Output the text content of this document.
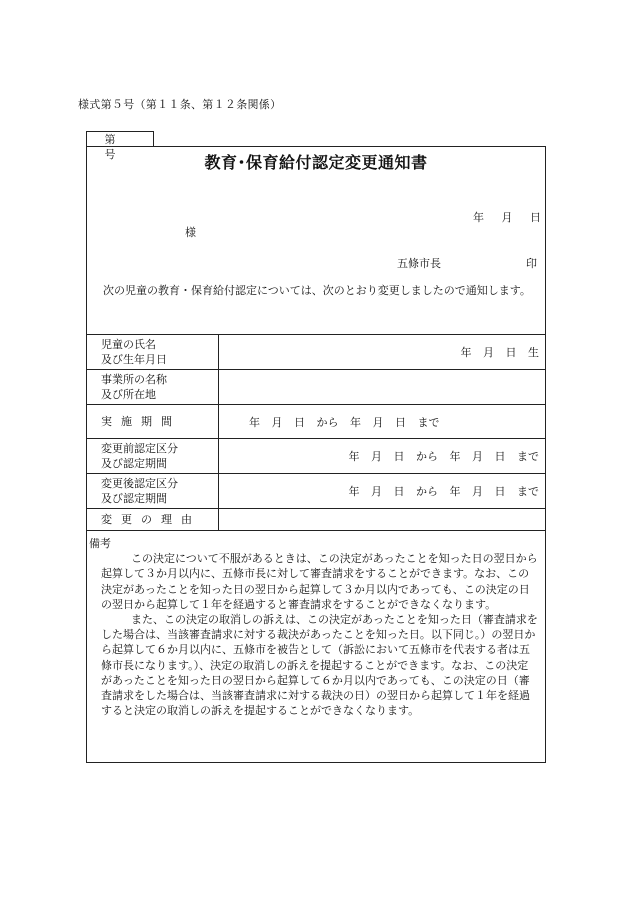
様式第５号（第１１条、第１２条関係）
第　号	教育･保育給付認定変更通知書
年 月 日
様
五條市長	印
次の児童の教育・保育給付認定については、次のとおり変更しましたので通知します。
児童の氏名
及び生年月日	年 月 日 生
事業所の名称
及び所在地	
実施期間	年 月 日 から 年 月 日 まで
変更前認定区分
及び認定期間	年 月 日 から 年 月 日 まで
変更後認定区分
及び認定期間	年 月 日 から 年 月 日 まで
変更の理由	

備考

この決定について不服があるときは、この決定があったことを知った日の翌日から起算して３か月以内に、五條市長に対して審査請求をすることができます。なお、この決定があったことを知った日の翌日から起算して３か月以内であっても、この決定の日の翌日から起算して１年を経過すると審査請求をすることができなくなります。

また、この決定の取消しの訴えは、この決定があったことを知った日（審査請求をした場合は、当該審査請求に対する裁決があったことを知った日。以下同じ。）の翌日から起算して６か月以内に、五條市を被告として（訴訟において五條市を代表する者は五條市長になります。）、決定の取消しの訴えを提起することができます。なお、この決定があったことを知った日の翌日から起算して６か月以内であっても、この決定の日（審査請求をした場合は、当該審査請求に対する裁決の日）の翌日から起算して１年を経過すると決定の取消しの訴えを提起することができなくなります。
